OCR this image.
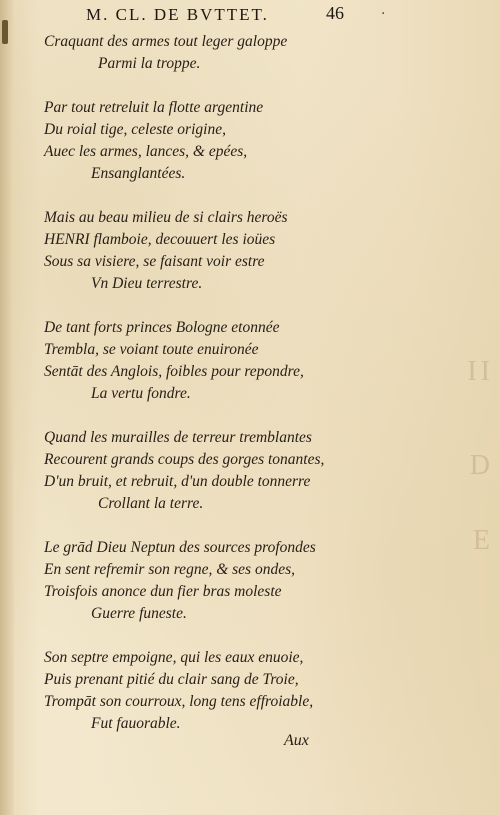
II
D
E
M. CL. DE BVTTET.	46	·
Craquant des armes tout leger galoppe
Parmi la troppe.
Par tout retreluit la flotte argentine
Du roial tige, celeste origine,
Auec les armes, lances, & epées,
Ensanglantées.
Mais au beau milieu de si clairs heroës
HENRI flamboie, decouuert les ioües
Sous sa visiere, se faisant voir estre
Vn Dieu terrestre.
De tant forts princes Bologne etonnée
Trembla, se voiant toute enuironée
Sentāt des Anglois, foibles pour repondre,
La vertu fondre.
Quand les murailles de terreur tremblantes
Recourent grands coups des gorges tonantes,
D'un bruit, et rebruit, d'un double tonnerre
Crollant la terre.
Le grād Dieu Neptun des sources profondes
En sent refremir son regne, & ses ondes,
Troisfois anonce dun fier bras moleste
Guerre funeste.
Son septre empoigne, qui les eaux enuoie,
Puis prenant pitié du clair sang de Troie,
Trompāt son courroux, long tens effroiable,
Fut fauorable.
Aux
